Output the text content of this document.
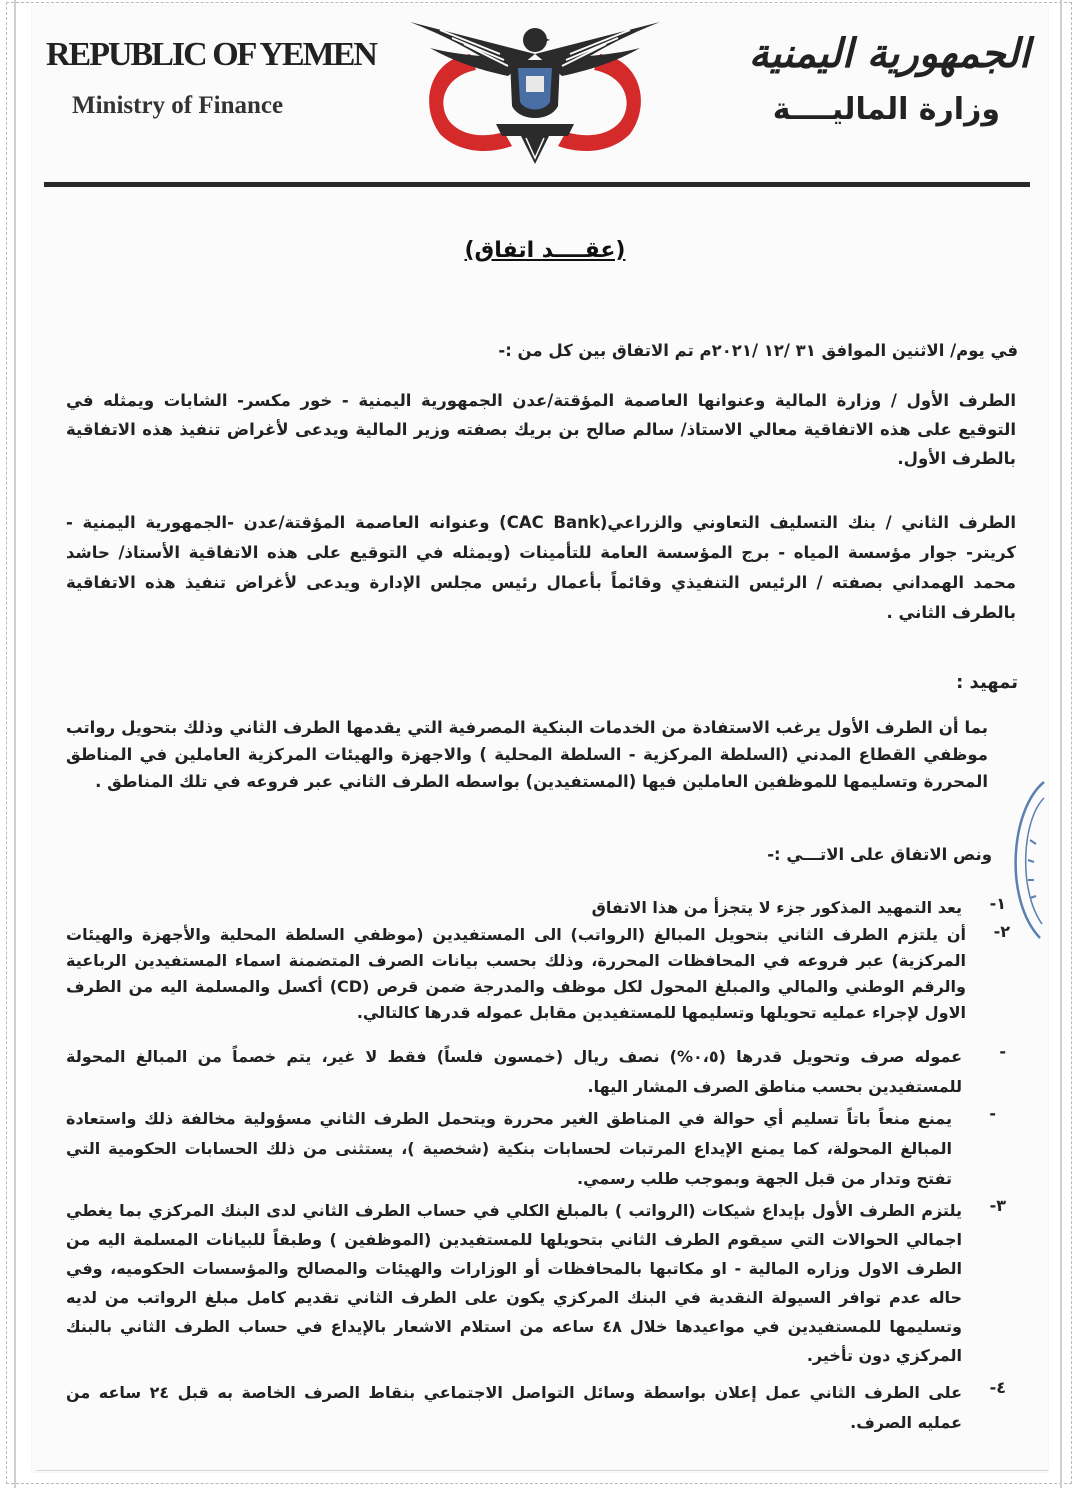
REPUBLIC OF YEMEN
Ministry of Finance
الجمهورية اليمنية
وزارة الماليــــة
(عقــــد اتفاق)
في يوم/ الاثنين الموافق ٣١ /١٢ /٢٠٢١م تم الاتفاق بين كل من :-
الطرف الأول / وزارة المالية وعنوانها العاصمة المؤقتة/عدن الجمهورية اليمنية - خور مكسر- الشابات ويمثله في التوقيع على هذه الاتفاقية معالي الاستاذ/ سالم صالح بن بريك بصفته وزير المالية ويدعى لأغراض تنفيذ هذه الاتفاقية بالطرف الأول.
الطرف الثاني / بنك التسليف التعاوني والزراعي(CAC Bank) وعنوانه العاصمة المؤقتة/عدن -الجمهورية اليمنية - كريتر- جوار مؤسسة المياه - برج المؤسسة العامة للتأمينات (ويمثله في التوقيع على هذه الاتفاقية الأستاذ/ حاشد محمد الهمداني بصفته / الرئيس التنفيذي وقائماً بأعمال رئيس مجلس الإدارة ويدعى لأغراض تنفيذ هذه الاتفاقية بالطرف الثاني .
تمهيد :
بما أن الطرف الأول يرغب الاستفادة من الخدمات البنكية المصرفية التي يقدمها الطرف الثاني وذلك بتحويل رواتب موظفي القطاع المدني (السلطة المركزية - السلطة المحلية ) والاجهزة والهيئات المركزية العاملين في المناطق المحررة وتسليمها للموظفين العاملين فيها (المستفيدين) بواسطه الطرف الثاني عبر فروعه في تلك المناطق .
ونص الاتفاق على الاتـــي :-
١-
يعد التمهيد المذكور جزء لا يتجزأ من هذا الاتفاق
٢-
أن يلتزم الطرف الثاني بتحويل المبالغ (الرواتب) الى المستفيدين (موظفي السلطة المحلية والأجهزة والهيئات المركزية) عبر فروعه في المحافظات المحررة، وذلك بحسب بيانات الصرف المتضمنة اسماء المستفيدين الرباعية والرقم الوطني والمالي والمبلغ المحول لكل موظف والمدرجة ضمن قرص (CD) أكسل والمسلمة اليه من الطرف الاول لإجراء عمليه تحويلها وتسليمها للمستفيدين مقابل عموله قدرها كالتالي.
-
عموله صرف وتحويل قدرها (٠،٥%) نصف ريال (خمسون فلساً) فقط لا غير، يتم خصماً من المبالغ المحولة للمستفيدين بحسب مناطق الصرف المشار اليها.
-
يمنع منعاً باتاً تسليم أي حوالة في المناطق الغير محررة ويتحمل الطرف الثاني مسؤولية مخالفة ذلك واستعادة المبالغ المحولة، كما يمنع الإيداع المرتبات لحسابات بنكية (شخصية )، يستثنى من ذلك الحسابات الحكومية التي تفتح وتدار من قبل الجهة وبموجب طلب رسمي.
٣-
يلتزم الطرف الأول بإيداع شيكات (الرواتب ) بالمبلغ الكلي في حساب الطرف الثاني لدى البنك المركزي بما يغطي اجمالي الحوالات التي سيقوم الطرف الثاني بتحويلها للمستفيدين (الموظفين ) وطبقاً للبيانات المسلمة اليه من الطرف الاول وزاره المالية - او مكاتبها بالمحافظات أو الوزارات والهيئات والمصالح والمؤسسات الحكوميه، وفي حاله عدم توافر السيولة النقدية في البنك المركزي يكون على الطرف الثاني تقديم كامل مبلغ الرواتب من لديه وتسليمها للمستفيدين في مواعيدها خلال ٤٨ ساعه من استلام الاشعار بالإيداع في حساب الطرف الثاني بالبنك المركزي دون تأخير.
٤-
على الطرف الثاني عمل إعلان بواسطة وسائل التواصل الاجتماعي بنقاط الصرف الخاصة به قبل ٢٤ ساعه من عمليه الصرف.
